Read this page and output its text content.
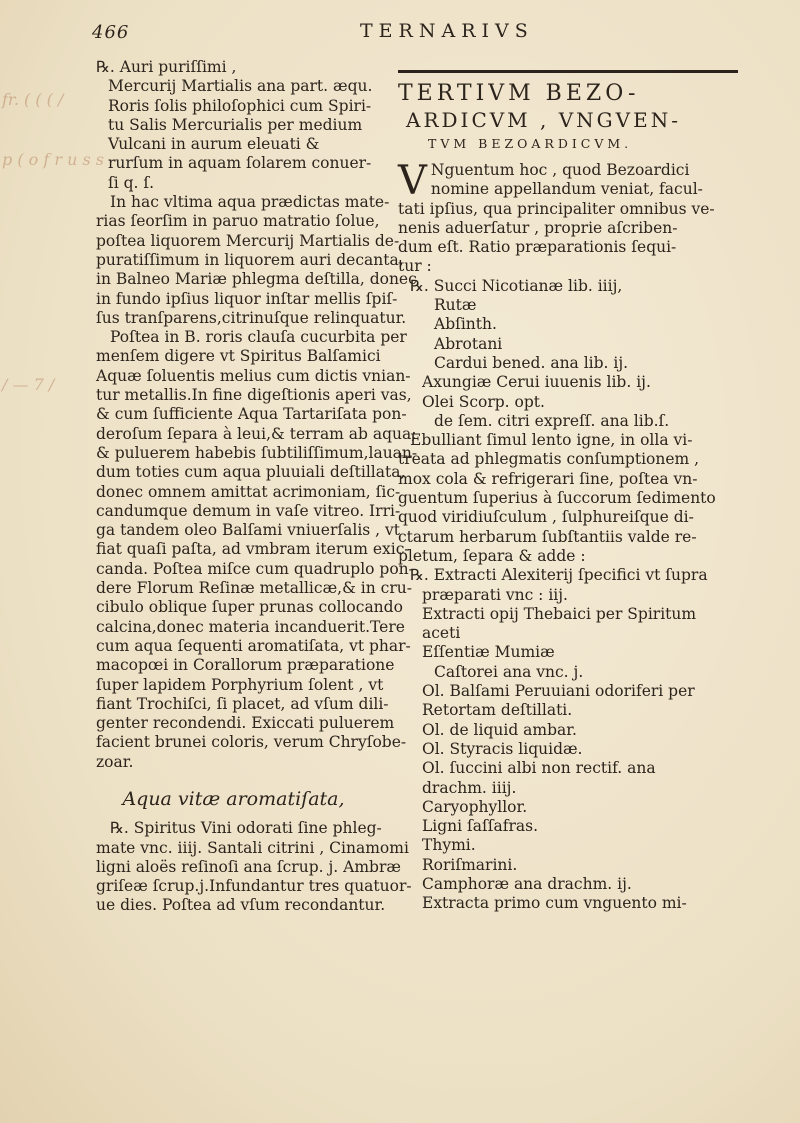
fr. ( ( ( /
p ( o f r u s s
/ — 7 /
466	TERNARIVS
℞. Auri puriſſimi ,
Mercurij Martialis ana part. æqu.
Roris ſolis philoſophici cum Spiri-
tu Salis Mercurialis per medium
Vulcani in aurum eleuati &
rurſum in aquam ſolarem conuer-
ſi q. ſ.
In hac vltima aqua prædictas mate-
rias ſeorſim in paruo matratio ſolue,
poſtea liquorem Mercurij Martialis de-
puratiſſimum in liquorem auri decanta,
in Balneo Mariæ phlegma deſtilla, donec
in fundo ipſius liquor inſtar mellis ſpiſ-
ſus tranſparens,citrinuſque relinquatur.
Poſtea in B. roris clauſa cucurbita per
menſem digere vt Spiritus Balſamici
Aquæ ſoluentis melius cum dictis vnian-
tur metallis.In fine digeſtionis aperi vas,
& cum ſufficiente Aqua Tartariſata pon-
deroſum ſepara à leui,& terram ab aqua;
& puluerem habebis ſubtiliſſimum,lauan-
dum toties cum aqua pluuiali deſtillata,
donec omnem amittat acrimoniam, ſic-
candumque demum in vaſe vitreo. Irri-
ga tandem oleo Balſami vniuerſalis , vt
fiat quaſi paſta, ad vmbram iterum exic-
canda. Poſtea miſce cum quadruplo pon-
dere Florum Reſinæ metallicæ,& in cru-
cibulo oblique ſuper prunas collocando
calcina,donec materia incanduerit.Tere
cum aqua ſequenti aromatiſata, vt phar-
macopœi in Corallorum præparatione
ſuper lapidem Porphyrium ſolent , vt
fiant Trochiſci, ſi placet, ad vſum dili-
genter recondendi. Exiccati puluerem
facient brunei coloris, verum Chryſobe-
zoar.
Aqua vitæ aromatiſata,
℞. Spiritus Vini odorati ſine phleg-
mate vnc. iiij. Santali citrini , Cinamomi
ligni aloës reſinoſi ana ſcrup. j. Ambræ
griſeæ ſcrup.j.Infundantur tres quatuor-
ue dies. Poſtea ad vſum recondantur.
TERTIVM BEZO-
ARDICVM , VNGVEN-
TVM BEZOARDICVM.
V Nguentum hoc , quod Bezoardici
nomine appellandum veniat, facul-
tati ipſius, qua principaliter omnibus ve-
nenis aduerſatur , proprie aſcriben-
dum eſt. Ratio præparationis ſequi-
tur :
℞. Succi Nicotianæ lib. iiij,
Rutæ
Abſinth.
Abrotani
Cardui bened. ana lib. ij.
Axungiæ Cerui iuuenis lib. ij.
Olei Scorp. opt.
de ſem. citri expreſſ. ana lib.ſ.
Ebulliant ſimul lento igne, in olla vi-
treata ad phlegmatis conſumptionem ,
mox cola & refrigerari ſine, poſtea vn-
guentum ſuperius à ſuccorum ſedimento
quod viridiuſculum , ſulphureiſque di-
ctarum herbarum ſubſtantiis valde re-
pletum, ſepara & adde :
℞. Extracti Alexiterij ſpecifici vt ſupra
præparati vnc : iij.
Extracti opij Thebaici per Spiritum
aceti
Eſſentiæ Mumiæ
Caſtorei ana vnc. j.
Ol. Balſami Peruuiani odoriferi per
Retortam deſtillati.
Ol. de liquid ambar.
Ol. Styracis liquidæ.
Ol. ſuccini albi non rectif. ana
drachm. iiij.
Caryophyllor.
Ligni ſaſſafras.
Thymi.
Roriſmarini.
Camphoræ ana drachm. ij.
Extracta primo cum vnguento mi-
